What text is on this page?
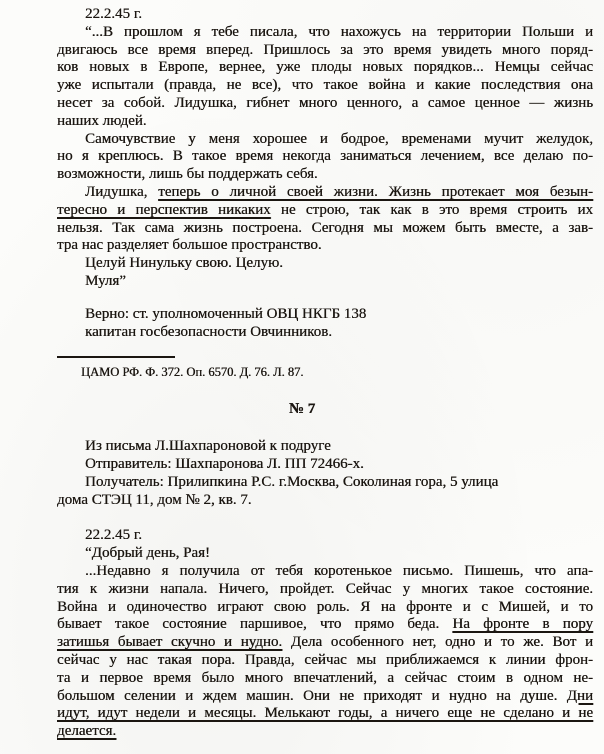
22.2.45 г.
“...В прошлом я тебе писала, что нахожусь на территории Польши и
двигаюсь все время вперед. Пришлось за это время увидеть много поряд-
ков новых в Европе, вернее, уже плоды новых порядков... Немцы сейчас
уже испытали (правда, не все), что такое война и какие последствия она
несет за собой. Лидушка, гибнет много ценного, а самое ценное — жизнь
наших людей.
Самочувствие у меня хорошее и бодрое, временами мучит желудок,
но я креплюсь. В такое время некогда заниматься лечением, все делаю по-
возможности, лишь бы поддержать себя.
Лидушка, теперь о личной своей жизни. Жизнь протекает моя безын-
тересно и перспектив никаких не строю, так как в это время строить их
нельзя. Так сама жизнь построена. Сегодня мы можем быть вместе, а зав-
тра нас разделяет большое пространство.
Целуй Нинульку свою. Целую.
Муля”
Верно: ст. уполномоченный ОВЦ НКГБ 138
капитан госбезопасности Овчинников.
ЦАМО РФ. Ф. 372. Оп. 6570. Д. 76. Л. 87.
№ 7
Из письма Л.Шахпароновой к подруге
Отправитель: Шахпаронова Л. ПП 72466-х.
Получатель: Прилипкина Р.С. г.Москва, Соколиная гора, 5 улица
дома СТЭЦ 11, дом № 2, кв. 7.
22.2.45 г.
“Добрый день, Рая!
...Недавно я получила от тебя коротенькое письмо. Пишешь, что апа-
тия к жизни напала. Ничего, пройдет. Сейчас у многих такое состояние.
Война и одиночество играют свою роль. Я на фронте и с Мишей, и то
бывает такое состояние паршивое, что прямо беда. На фронте в пору
затишья бывает скучно и нудно. Дела особенного нет, одно и то же. Вот и
сейчас у нас такая пора. Правда, сейчас мы приближаемся к линии фрон-
та и первое время было много впечатлений, а сейчас стоим в одном не-
большом селении и ждем машин. Они не приходят и нудно на душе. Дни
идут, идут недели и месяцы. Мелькают годы, а ничего еще не сделано и не
делается.
